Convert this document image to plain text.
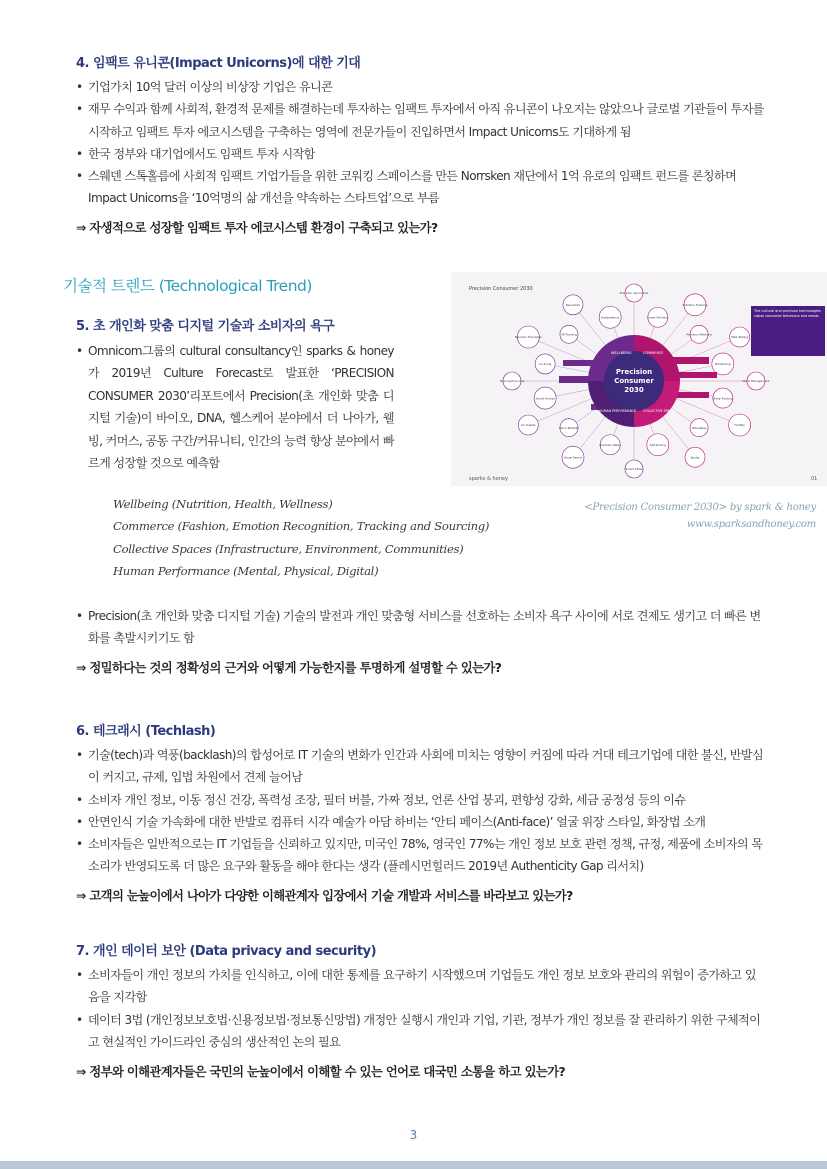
4. 임팩트 유니콘(Impact Unicorns)에 대한 기대
• 기업가치 10억 달러 이상의 비상장 기업은 유니콘
• 재무 수익과 함께 사회적, 환경적 문제를 해결하는데 투자하는 임팩트 투자에서 아직 유니콘이 나오지는 않았으나 글로벌 기관들이 투자를 시작하고 임팩트 투자 에코시스템을 구축하는 영역에 전문가들이 진입하면서 Impact Unicorns도 기대하게 됨
• 한국 정부와 대기업에서도 임팩트 투자 시작함
• 스웨덴 스톡홀름에 사회적 임팩트 기업가들을 위한 코워킹 스페이스를 만든 Norrsken 재단에서 1억 유로의 임팩트 펀드를 론칭하며 Impact Unicorns을 ‘10억명의 삶 개선을 약속하는 스타트업’으로 부름
⇒ 자생적으로 성장할 임팩트 투자 에코시스템 환경이 구축되고 있는가?
기술적 트렌드 (Technological Trend)
5. 초 개인화 맞춤 디지털 기술과 소비자의 욕구
• Omnicom그룹의 cultural consultancy인 sparks & honey가 2019년 Culture Forecast로 발표한 ‘PRECISION CONSUMER 2030’리포트에서 Precision(초 개인화 맞춤 디지털 기술)이 바이오, DNA, 헬스케어 분야에서 더 나아가, 웰빙, 커머스, 공동 구간/커뮤니티, 인간의 능력 향상 분야에서 빠르게 성장할 것으로 예측함
Precision Consumer 2030
Precision Agriculture
Smart Kitchens
Nutrition Tracking
Precision Medicine
DNA Testing
Biohacking
Mood Management
Sleep Tracking
Fertility
Wearables
Sports
Self-Driving
Smart Cities
Precision Retail
Visual Search
Micro-Mobility
Air Quality
Smart Homes
Sharing Economy
Co-living
Precision Education
VR Training
Neurotech
Exoskeletons
Precision
Consumer
2030
WELLBEING	COMMERCE
COLLECTIVE SPACES
HUMAN PERFORMANCE
The cultural and precision technologies signal consumer behaviors and needs.
sparks & honey	01
Wellbeing (Nutrition, Health, Wellness)
Commerce (Fashion, Emotion Recognition, Tracking and Sourcing)
Collective Spaces (Infrastructure, Environment, Communities)
Human Performance (Mental, Physical, Digital)
<Precision Consumer 2030> by spark & honey
www.sparksandhoney.com
• Precision(초 개인화 맞춤 디지털 기술) 기술의 발전과 개인 맞춤형 서비스를 선호하는 소비자 욕구 사이에 서로 견제도 생기고 더 빠른 변화를 촉발시키기도 함
⇒ 정밀하다는 것의 정확성의 근거와 어떻게 가능한지를 투명하게 설명할 수 있는가?
6. 테크래시 (Techlash)
• 기술(tech)과 역풍(backlash)의 합성어로 IT 기술의 변화가 인간과 사회에 미치는 영향이 커짐에 따라 거대 테크기업에 대한 불신, 반발심이 커지고, 규제, 입법 차원에서 견제 늘어남
• 소비자 개인 정보, 이동 정신 건강, 폭력성 조장, 필터 버블, 가짜 정보, 언론 산업 붕괴, 편향성 강화, 세금 공정성 등의 이슈
• 안면인식 기술 가속화에 대한 반발로 컴퓨터 시각 예술가 아담 하비는 ‘안티 페이스(Anti-face)’ 얼굴 위장 스타일, 화장법 소개
• 소비자들은 일반적으로는 IT 기업들을 신뢰하고 있지만, 미국인 78%, 영국인 77%는 개인 정보 보호 관련 정책, 규정, 제품에 소비자의 목소리가 반영되도록 더 많은 요구와 활동을 해야 한다는 생각 (플레시먼힐러드 2019년 Authenticity Gap 리서치)
⇒ 고객의 눈높이에서 나아가 다양한 이해관계자 입장에서 기술 개발과 서비스를 바라보고 있는가?
7. 개인 데이터 보안 (Data privacy and security)
• 소비자들이 개인 정보의 가치를 인식하고, 이에 대한 통제를 요구하기 시작했으며 기업들도 개인 정보 보호와 관리의 위험이 증가하고 있음을 지각함
• 데이터 3법 (개인정보보호법·신용정보법·정보통신망법) 개정안 실행시 개인과 기업, 기관, 정부가 개인 정보를 잘 관리하기 위한 구체적이고 현실적인 가이드라인 중심의 생산적인 논의 필요
⇒ 정부와 이해관계자들은 국민의 눈높이에서 이해할 수 있는 언어로 대국민 소통을 하고 있는가?
3
